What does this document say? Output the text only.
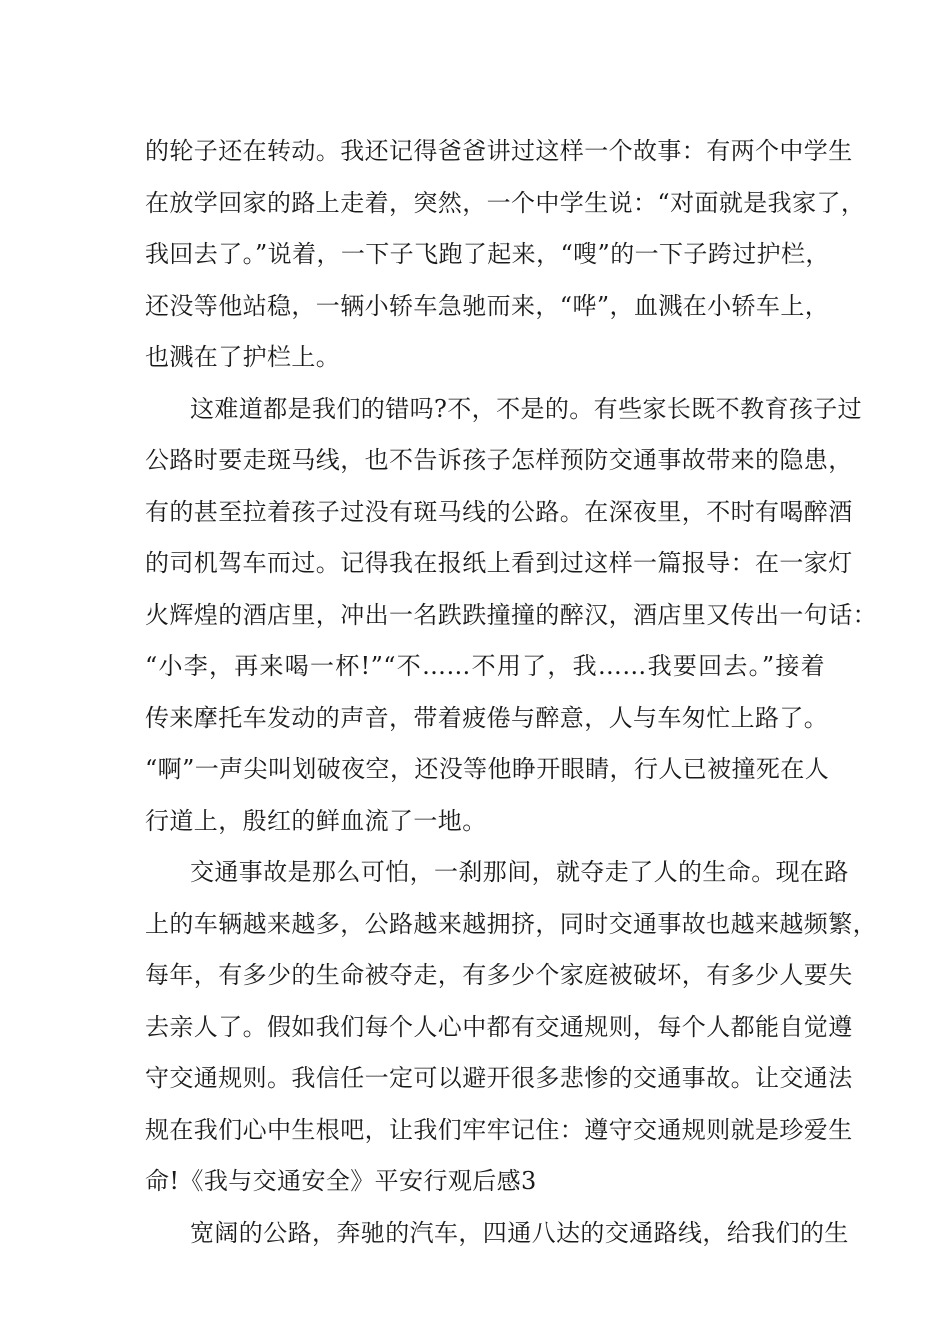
的轮子还在转动。我还记得爸爸讲过这样一个故事：有两个中学生
在放学回家的路上走着，突然，一个中学生说：“对面就是我家了，
我回去了。”说着，一下子飞跑了起来，“嗖”的一下子跨过护栏，
还没等他站稳，一辆小轿车急驰而来，“哗”，血溅在小轿车上，
也溅在了护栏上。
这难道都是我们的错吗?不，不是的。有些家长既不教育孩子过
公路时要走斑马线，也不告诉孩子怎样预防交通事故带来的隐患，
有的甚至拉着孩子过没有斑马线的公路。在深夜里，不时有喝醉酒
的司机驾车而过。记得我在报纸上看到过这样一篇报导：在一家灯
火辉煌的酒店里，冲出一名跌跌撞撞的醉汉，酒店里又传出一句话：
“小李，再来喝一杯!”“不……不用了，我……我要回去。”接着
传来摩托车发动的声音，带着疲倦与醉意，人与车匆忙上路了。
“啊”一声尖叫划破夜空，还没等他睁开眼睛，行人已被撞死在人
行道上，殷红的鲜血流了一地。
交通事故是那么可怕，一刹那间，就夺走了人的生命。现在路
上的车辆越来越多，公路越来越拥挤，同时交通事故也越来越频繁，
每年，有多少的生命被夺走，有多少个家庭被破坏，有多少人要失
去亲人了。假如我们每个人心中都有交通规则，每个人都能自觉遵
守交通规则。我信任一定可以避开很多悲惨的交通事故。让交通法
规在我们心中生根吧，让我们牢牢记住：遵守交通规则就是珍爱生
命!《我与交通安全》平安行观后感3
宽阔的公路，奔驰的汽车，四通八达的交通路线，给我们的生
